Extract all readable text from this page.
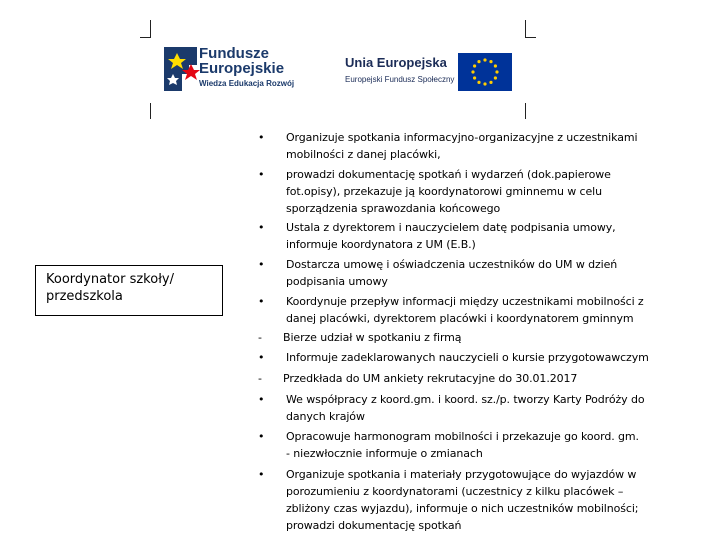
Fundusze
Europejskie
Wiedza Edukacja Rozwój
Unia Europejska
Europejski Fundusz Społeczny
Koordynator szkoły/
przedszkola
• Organizuje spotkania informacyjno-organizacyjne z uczestnikami
mobilności z danej placówki,
• prowadzi dokumentację spotkań i wydarzeń (dok.papierowe
fot.opisy), przekazuje ją koordynatorowi gminnemu w celu
sporządzenia sprawozdania końcowego
• Ustala z dyrektorem i nauczycielem datę podpisania umowy,
informuje koordynatora z UM (E.B.)
• Dostarcza umowę i oświadczenia uczestników do UM w dzień
podpisania umowy
• Koordynuje przepływ informacji między uczestnikami mobilności z
danej placówki, dyrektorem placówki i koordynatorem gminnym
- Bierze udział w spotkaniu z firmą
• Informuje zadeklarowanych nauczycieli o kursie przygotowawczym
- Przedkłada do UM ankiety rekrutacyjne do 30.01.2017
• We współpracy z koord.gm. i koord. sz./p. tworzy Karty Podróży do
danych krajów
• Opracowuje harmonogram mobilności i przekazuje go koord. gm.
- niezwłocznie informuje o zmianach
• Organizuje spotkania i materiały przygotowujące do wyjazdów w
porozumieniu z koordynatorami (uczestnicy z kilku placówek –
zbliżony czas wyjazdu), informuje o nich uczestników mobilności;
prowadzi dokumentację spotkań
